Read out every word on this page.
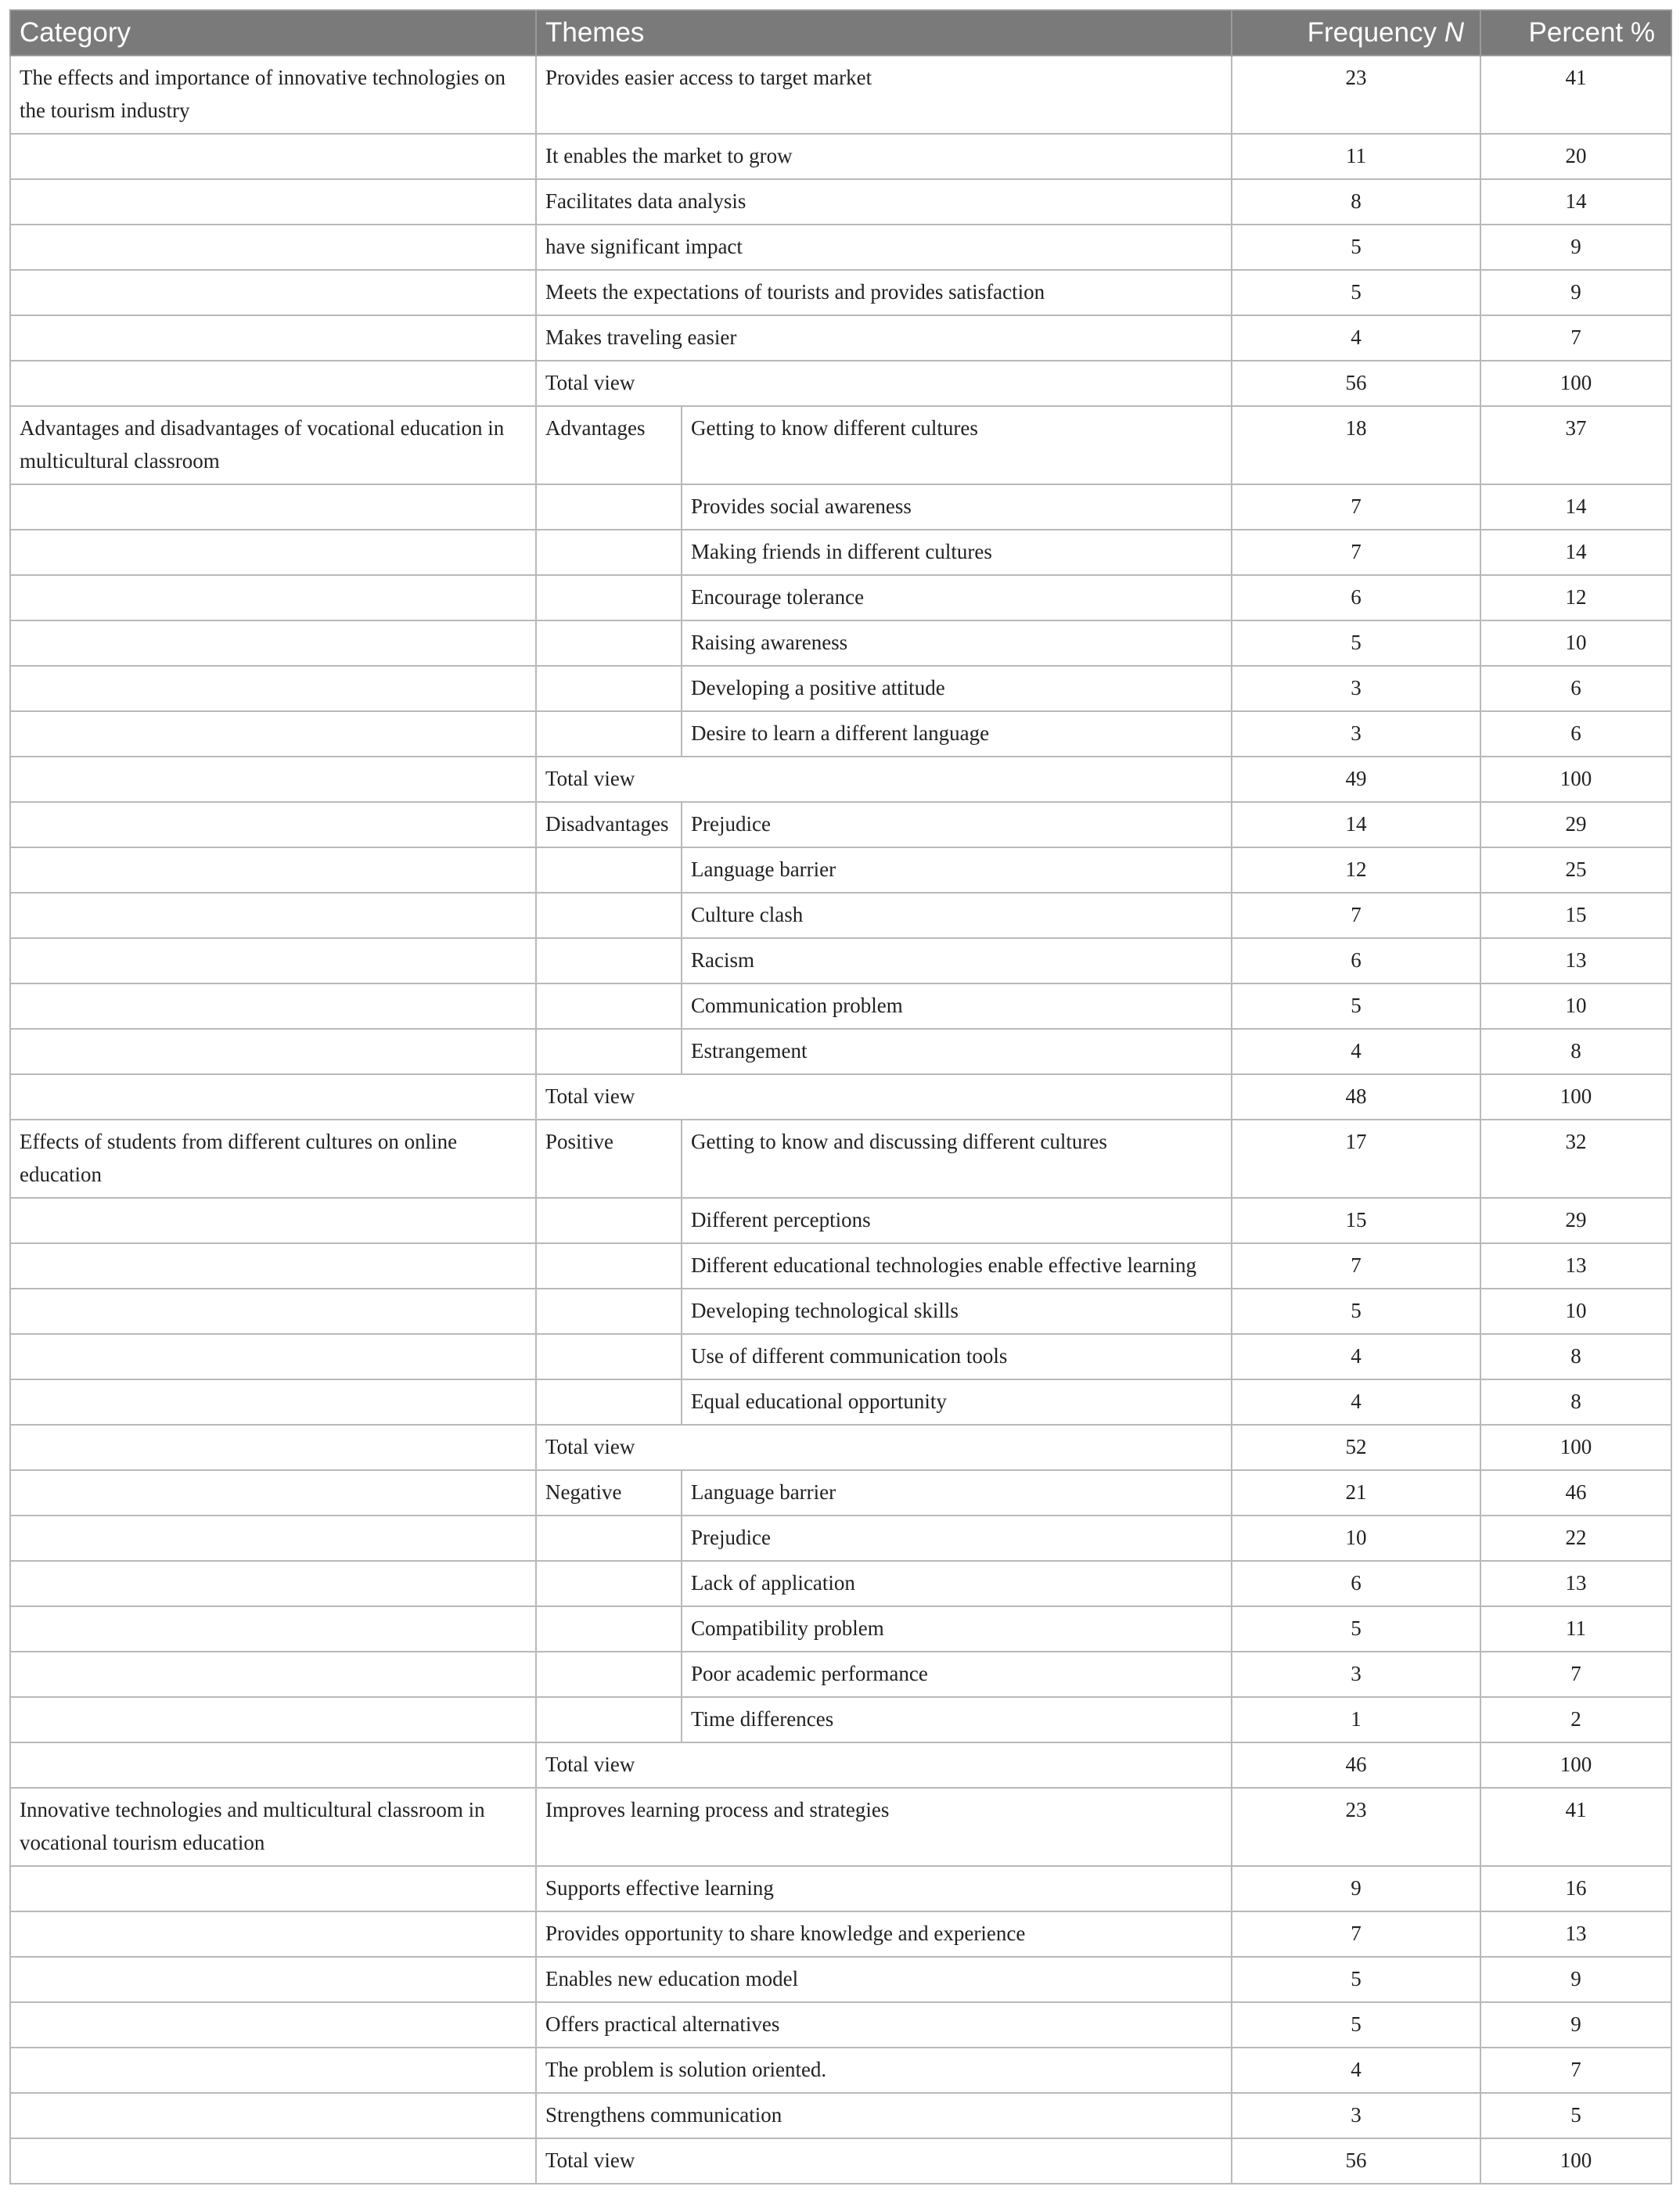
Category	Themes		Frequency N	Percent %
The effects and importance of innovative technologies on the tourism industry	Provides easier access to target market		23	41
	It enables the market to grow		11	20
	Facilitates data analysis		8	14
	have significant impact		5	9
	Meets the expectations of tourists and provides satisfaction		5	9
	Makes traveling easier		4	7
	Total view		56	100
Advantages and disadvantages of vocational education in multicultural classroom	Advantages	Getting to know different cultures	18	37
		Provides social awareness	7	14
		Making friends in different cultures	7	14
		Encourage tolerance	6	12
		Raising awareness	5	10
		Developing a positive attitude	3	6
		Desire to learn a different language	3	6
	Total view		49	100
	Disadvantages	Prejudice	14	29
		Language barrier	12	25
		Culture clash	7	15
		Racism	6	13
		Communication problem	5	10
		Estrangement	4	8
	Total view		48	100
Effects of students from different cultures on online education	Positive	Getting to know and discussing different cultures	17	32
		Different perceptions	15	29
		Different educational technologies enable effective learning	7	13
		Developing technological skills	5	10
		Use of different communication tools	4	8
		Equal educational opportunity	4	8
	Total view		52	100
	Negative	Language barrier	21	46
		Prejudice	10	22
		Lack of application	6	13
		Compatibility problem	5	11
		Poor academic performance	3	7
		Time differences	1	2
	Total view		46	100
Innovative technologies and multicultural classroom in vocational tourism education	Improves learning process and strategies		23	41
	Supports effective learning		9	16
	Provides opportunity to share knowledge and experience		7	13
	Enables new education model		5	9
	Offers practical alternatives		5	9
	The problem is solution oriented.		4	7
	Strengthens communication		3	5
	Total view		56	100
